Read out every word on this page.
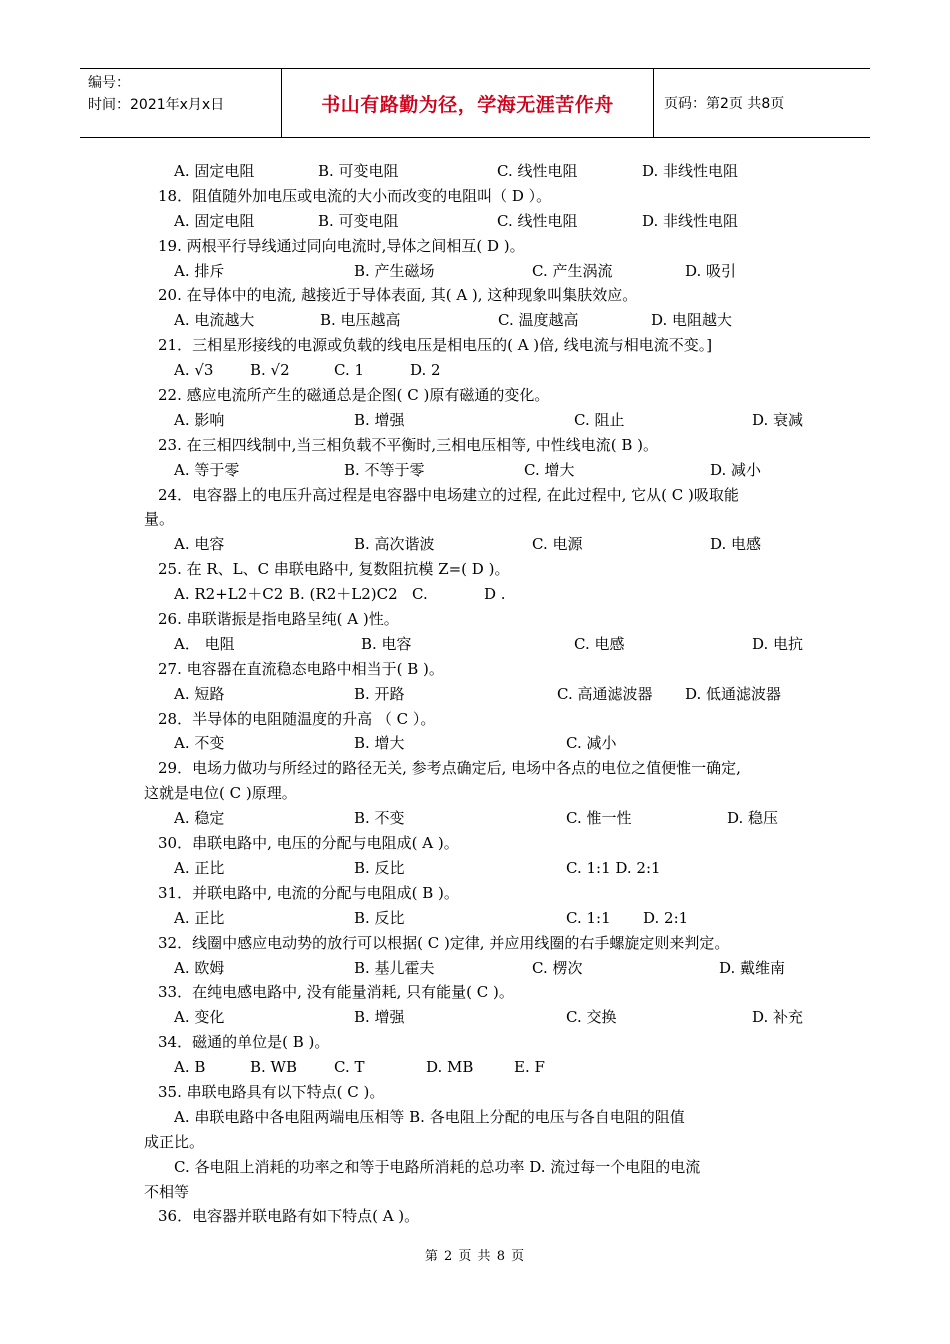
编号：
时间：2021年x月x日	书山有路勤为径，学海无涯苦作舟	页码：第2页 共8页
A. 固定电阻	B. 可变电阻	C. 线性电阻	D. 非线性电阻
18．阻值随外加电压或电流的大小而改变的电阻叫（ D ）。
A. 固定电阻	B. 可变电阻	C. 线性电阻	D. 非线性电阻
19. 两根平行导线通过同向电流时,导体之间相互( D )。
A. 排斥	B. 产生磁场	C. 产生涡流	D. 吸引
20. 在导体中的电流, 越接近于导体表面, 其( A ), 这种现象叫集肤效应。
A. 电流越大	B. 电压越高	C. 温度越高	D. 电阻越大
21．三相星形接线的电源或负载的线电压是相电压的( A )倍, 线电流与相电流不变。]
A. √3 B. √2	C. 1	D. 2
22. 感应电流所产生的磁通总是企图( C )原有磁通的变化。
A. 影响	B. 增强	C. 阻止	D. 衰减
23. 在三相四线制中,当三相负载不平衡时,三相电压相等, 中性线电流( B )。
A. 等于零	B. 不等于零	C. 增大	D. 减小
24．电容器上的电压升高过程是电容器中电场建立的过程, 在此过程中, 它从( C )吸取能
量。
A. 电容	B. 高次谐波	C. 电源	D. 电感
25. 在 R、L、C 串联电路中, 复数阻抗模 Z=( D )。
A. R2+L2＋C2 B. (R2＋L2)C2 C.	D .
26. 串联谐振是指电路呈纯( A )性。
A． 电阻	B. 电容	C. 电感	D. 电抗
27. 电容器在直流稳态电路中相当于( B )。
A. 短路	B. 开路	C. 高通滤波器 D. 低通滤波器
28．半导体的电阻随温度的升高 （ C ）。
A. 不变	B. 增大	C. 减小
29．电场力做功与所经过的路径无关, 参考点确定后, 电场中各点的电位之值便惟一确定,
这就是电位( C )原理。
A. 稳定	B. 不变	C. 惟一性	D. 稳压
30．串联电路中, 电压的分配与电阻成( A )。
A. 正比	B. 反比	C. 1:1 D. 2:1
31．并联电路中, 电流的分配与电阻成( B )。
A. 正比	B. 反比	C. 1:1 D. 2:1
32．线圈中感应电动势的放行可以根据( C )定律, 并应用线圈的右手螺旋定则来判定。
A. 欧姆	B. 基儿霍夫	C. 楞次	D. 戴维南
33．在纯电感电路中, 没有能量消耗, 只有能量( C )。
A. 变化	B. 增强	C. 交换	D. 补充
34．磁通的单位是( B )。
A. B	B. WB C. T	D. MB	E. F
35. 串联电路具有以下特点( C )。
A. 串联电路中各电阻两端电压相等 B. 各电阻上分配的电压与各自电阻的阻值
成正比。
C. 各电阻上消耗的功率之和等于电路所消耗的总功率 D. 流过每一个电阻的电流
不相等
36．电容器并联电路有如下特点( A )。
第 2 页 共 8 页
